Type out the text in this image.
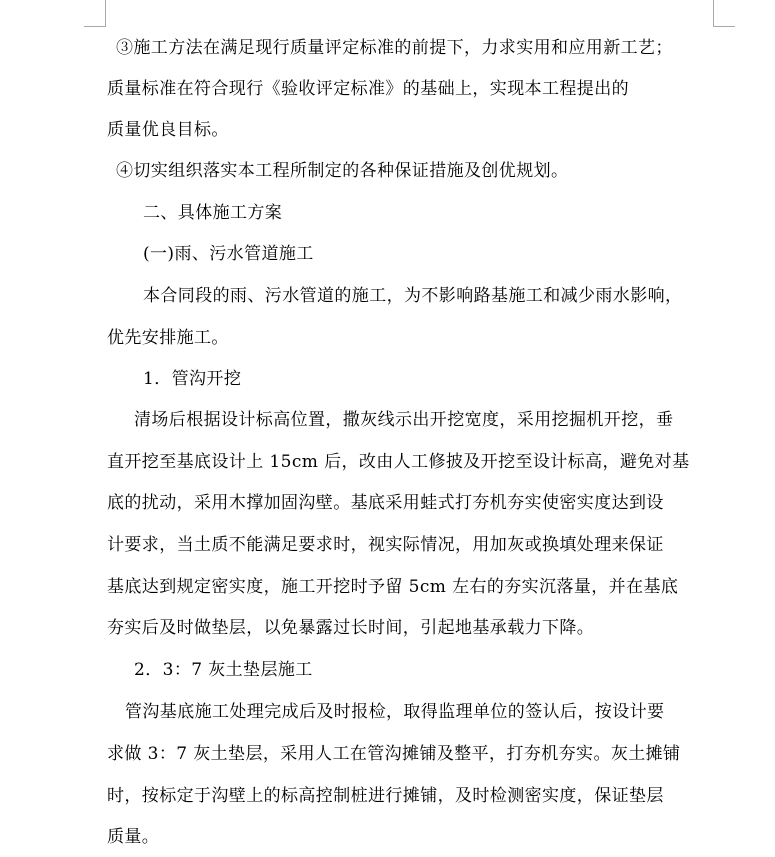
③施工方法在满足现行质量评定标准的前提下，力求实用和应用新工艺；
质量标准在符合现行《验收评定标准》的基础上，实现本工程提出的
质量优良目标。
④切实组织落实本工程所制定的各种保证措施及创优规划。
二、具体施工方案
(一)雨、污水管道施工
本合同段的雨、污水管道的施工，为不影响路基施工和减少雨水影响，
优先安排施工。
1．管沟开挖
清场后根据设计标高位置，撒灰线示出开挖宽度，采用挖掘机开挖，垂
直开挖至基底设计上 15cm 后，改由人工修披及开挖至设计标高，避免对基
底的扰动，采用木撑加固沟壁。基底采用蛙式打夯机夯实使密实度达到设
计要求，当土质不能满足要求时，视实际情况，用加灰或换填处理来保证
基底达到规定密实度，施工开挖时予留 5cm 左右的夯实沉落量，并在基底
夯实后及时做垫层，以免暴露过长时间，引起地基承载力下降。
2．3：7 灰土垫层施工
管沟基底施工处理完成后及时报检，取得监理单位的签认后，按设计要
求做 3：7 灰土垫层，采用人工在管沟摊铺及整平，打夯机夯实。灰土摊铺
时，按标定于沟壁上的标高控制桩进行摊铺，及时检测密实度，保证垫层
质量。
